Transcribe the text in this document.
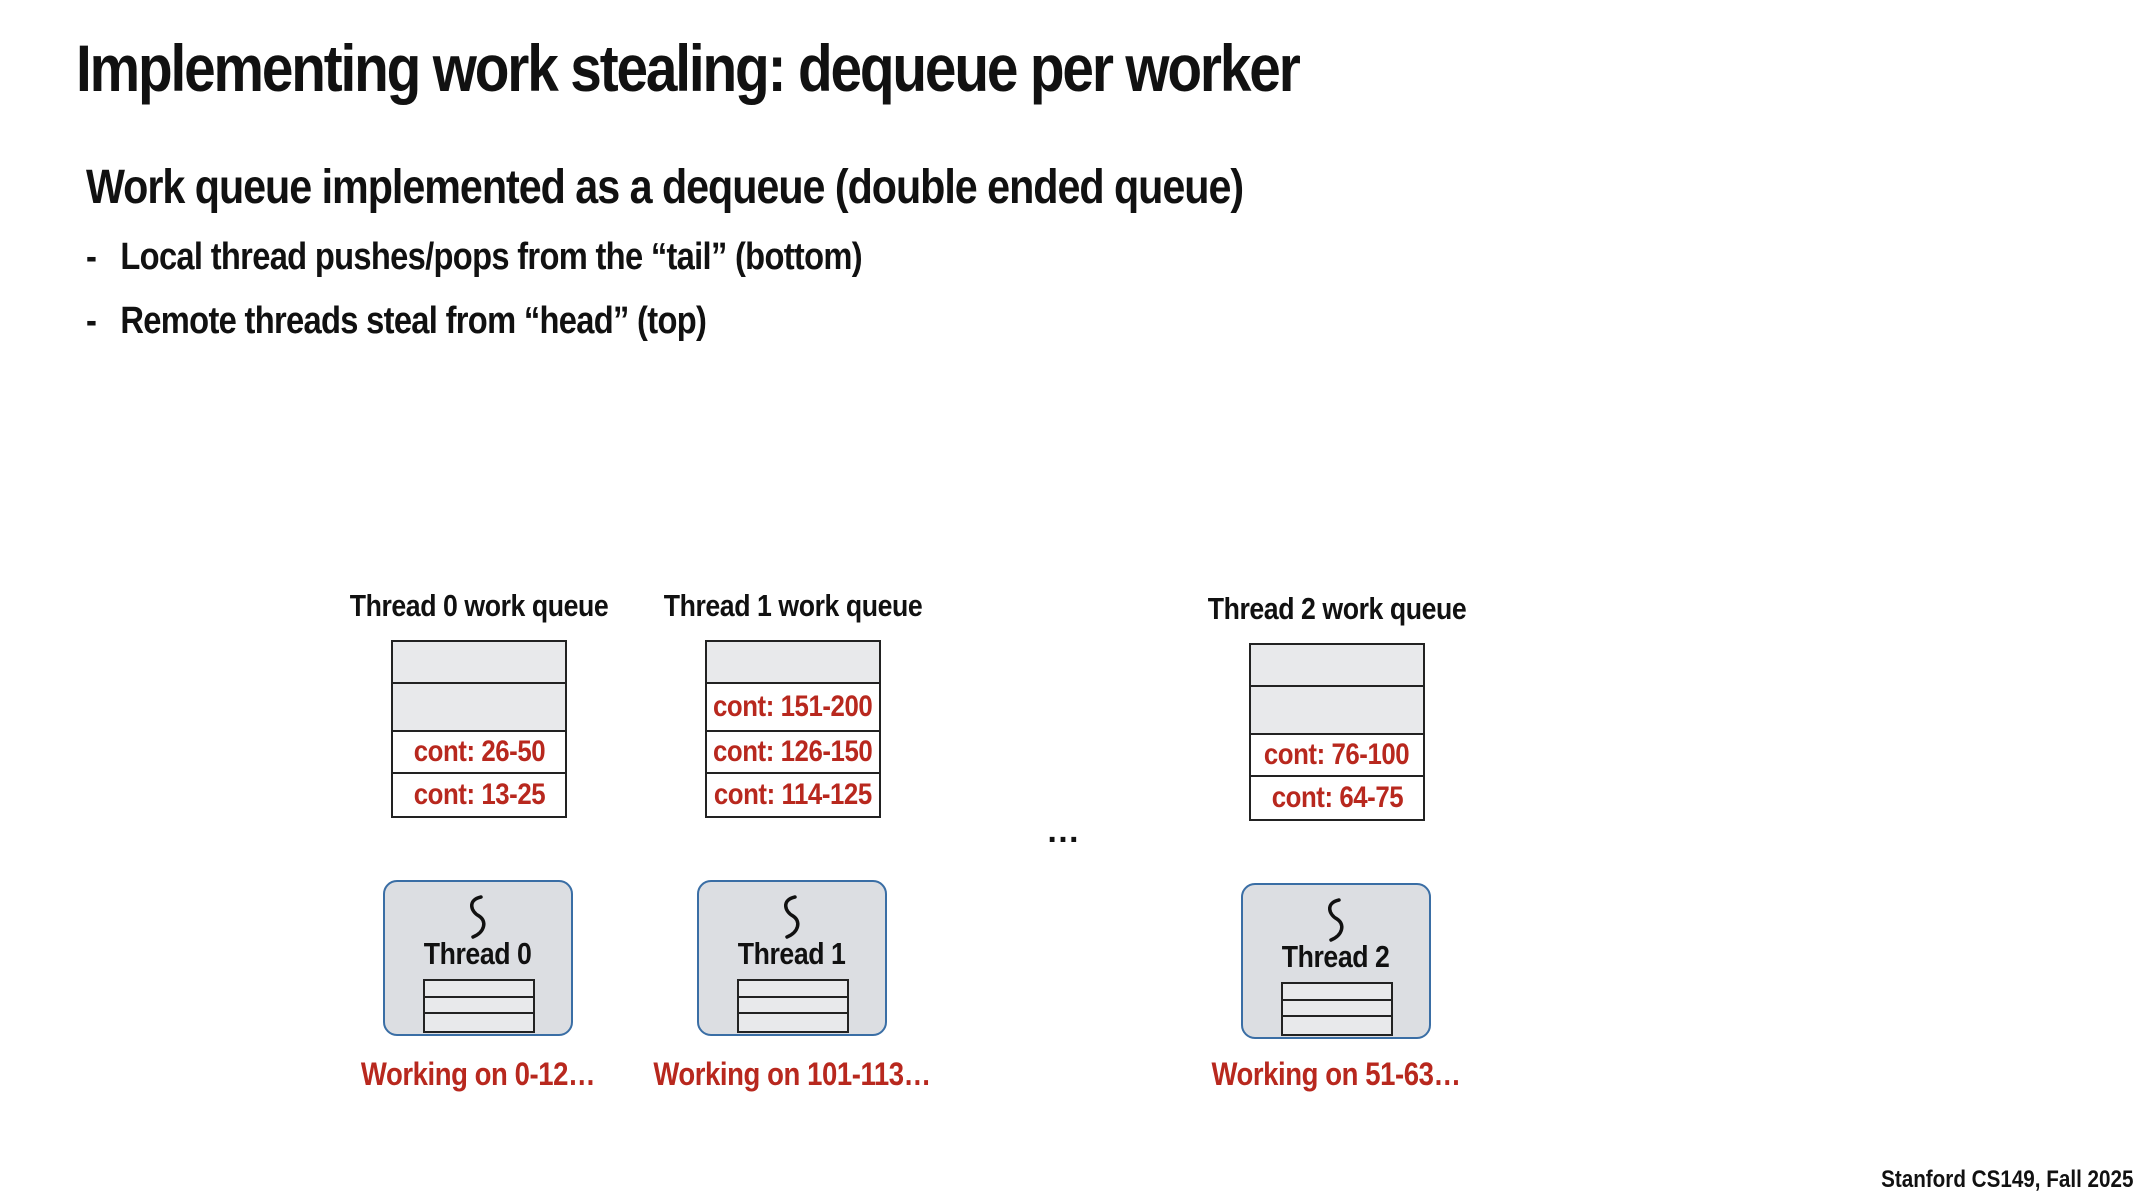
Implementing work stealing: dequeue per worker
Work queue implemented as a dequeue (double ended queue)
- Local thread pushes/pops from the “tail” (bottom)
- Remote threads steal from “head” (top)
Thread 0 work queue
cont: 26-50
cont: 13-25
Thread 0
Working on 0-12…
Thread 1 work queue
cont: 151-200
cont: 126-150
cont: 114-125
Thread 1
Working on 101-113…
…
Thread 2 work queue
cont: 76-100
cont: 64-75
Thread 2
Working on 51-63…
Stanford CS149, Fall 2025
